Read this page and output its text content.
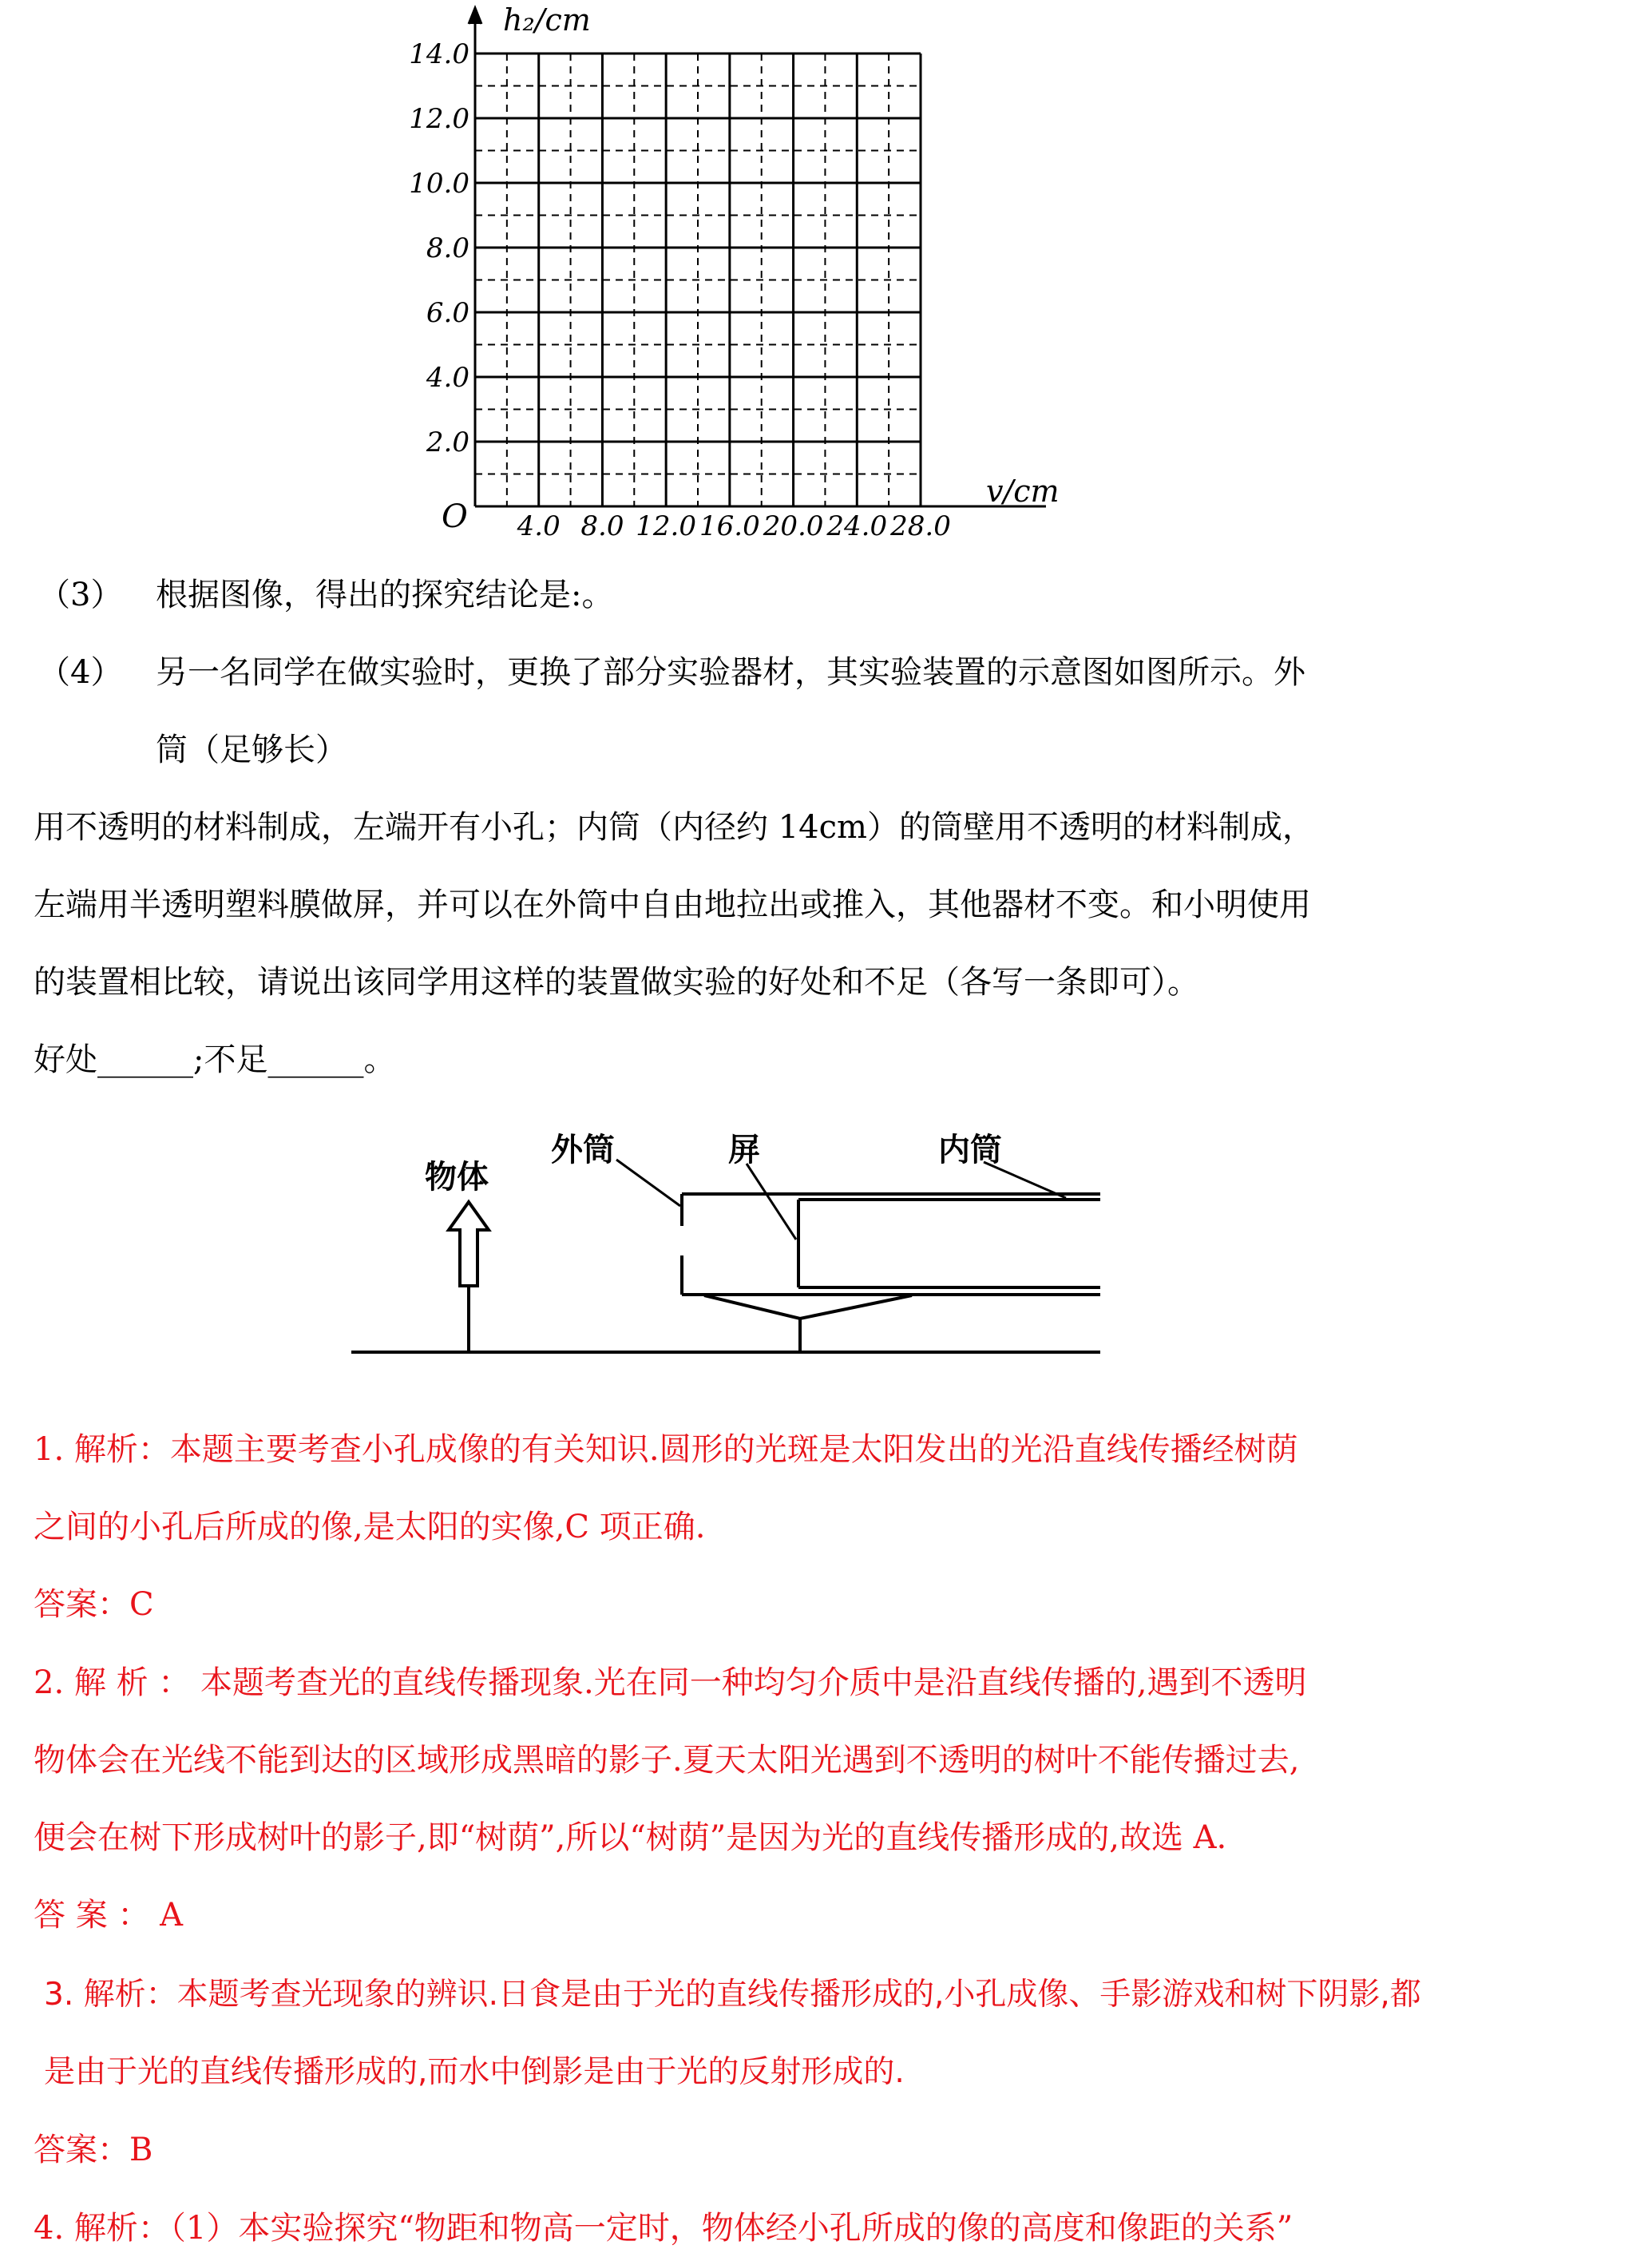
h₂/cm
v/cm
O
14.0
12.0
10.0
8.0
6.0
4.0
2.0
4.0 8.0 12.0 16.0 20.0 24.0 28.0
（3） 根据图像，得出的探究结论是:。
（4） 另一名同学在做实验时，更换了部分实验器材，其实验装置的示意图如图所示。外
筒（足够长）
用不透明的材料制成，左端开有小孔；内筒（内径约 14cm）的筒壁用不透明的材料制成，
左端用半透明塑料膜做屏，并可以在外筒中自由地拉出或推入，其他器材不变。和小明使用
的装置相比较，请说出该同学用这样的装置做实验的好处和不足（各写一条即可）。
好处______;不足______。
物体
外筒	屏	内筒
1. 解析：本题主要考查小孔成像的有关知识.圆形的光斑是太阳发出的光沿直线传播经树荫
之间的小孔后所成的像,是太阳的实像,C 项正确.
答案：C
2. 解 析 ： 本题考查光的直线传播现象.光在同一种均匀介质中是沿直线传播的,遇到不透明
物体会在光线不能到达的区域形成黑暗的影子.夏天太阳光遇到不透明的树叶不能传播过去,
便会在树下形成树叶的影子,即“树荫”,所以“树荫”是因为光的直线传播形成的,故选 A.
答 案 ： A
3. 解析：本题考查光现象的辨识.日食是由于光的直线传播形成的,小孔成像、手影游戏和树下阴影,都
是由于光的直线传播形成的,而水中倒影是由于光的反射形成的.
答案：B
4. 解析：（1）本实验探究“物距和物高一定时，物体经小孔所成的像的高度和像距的关系”
